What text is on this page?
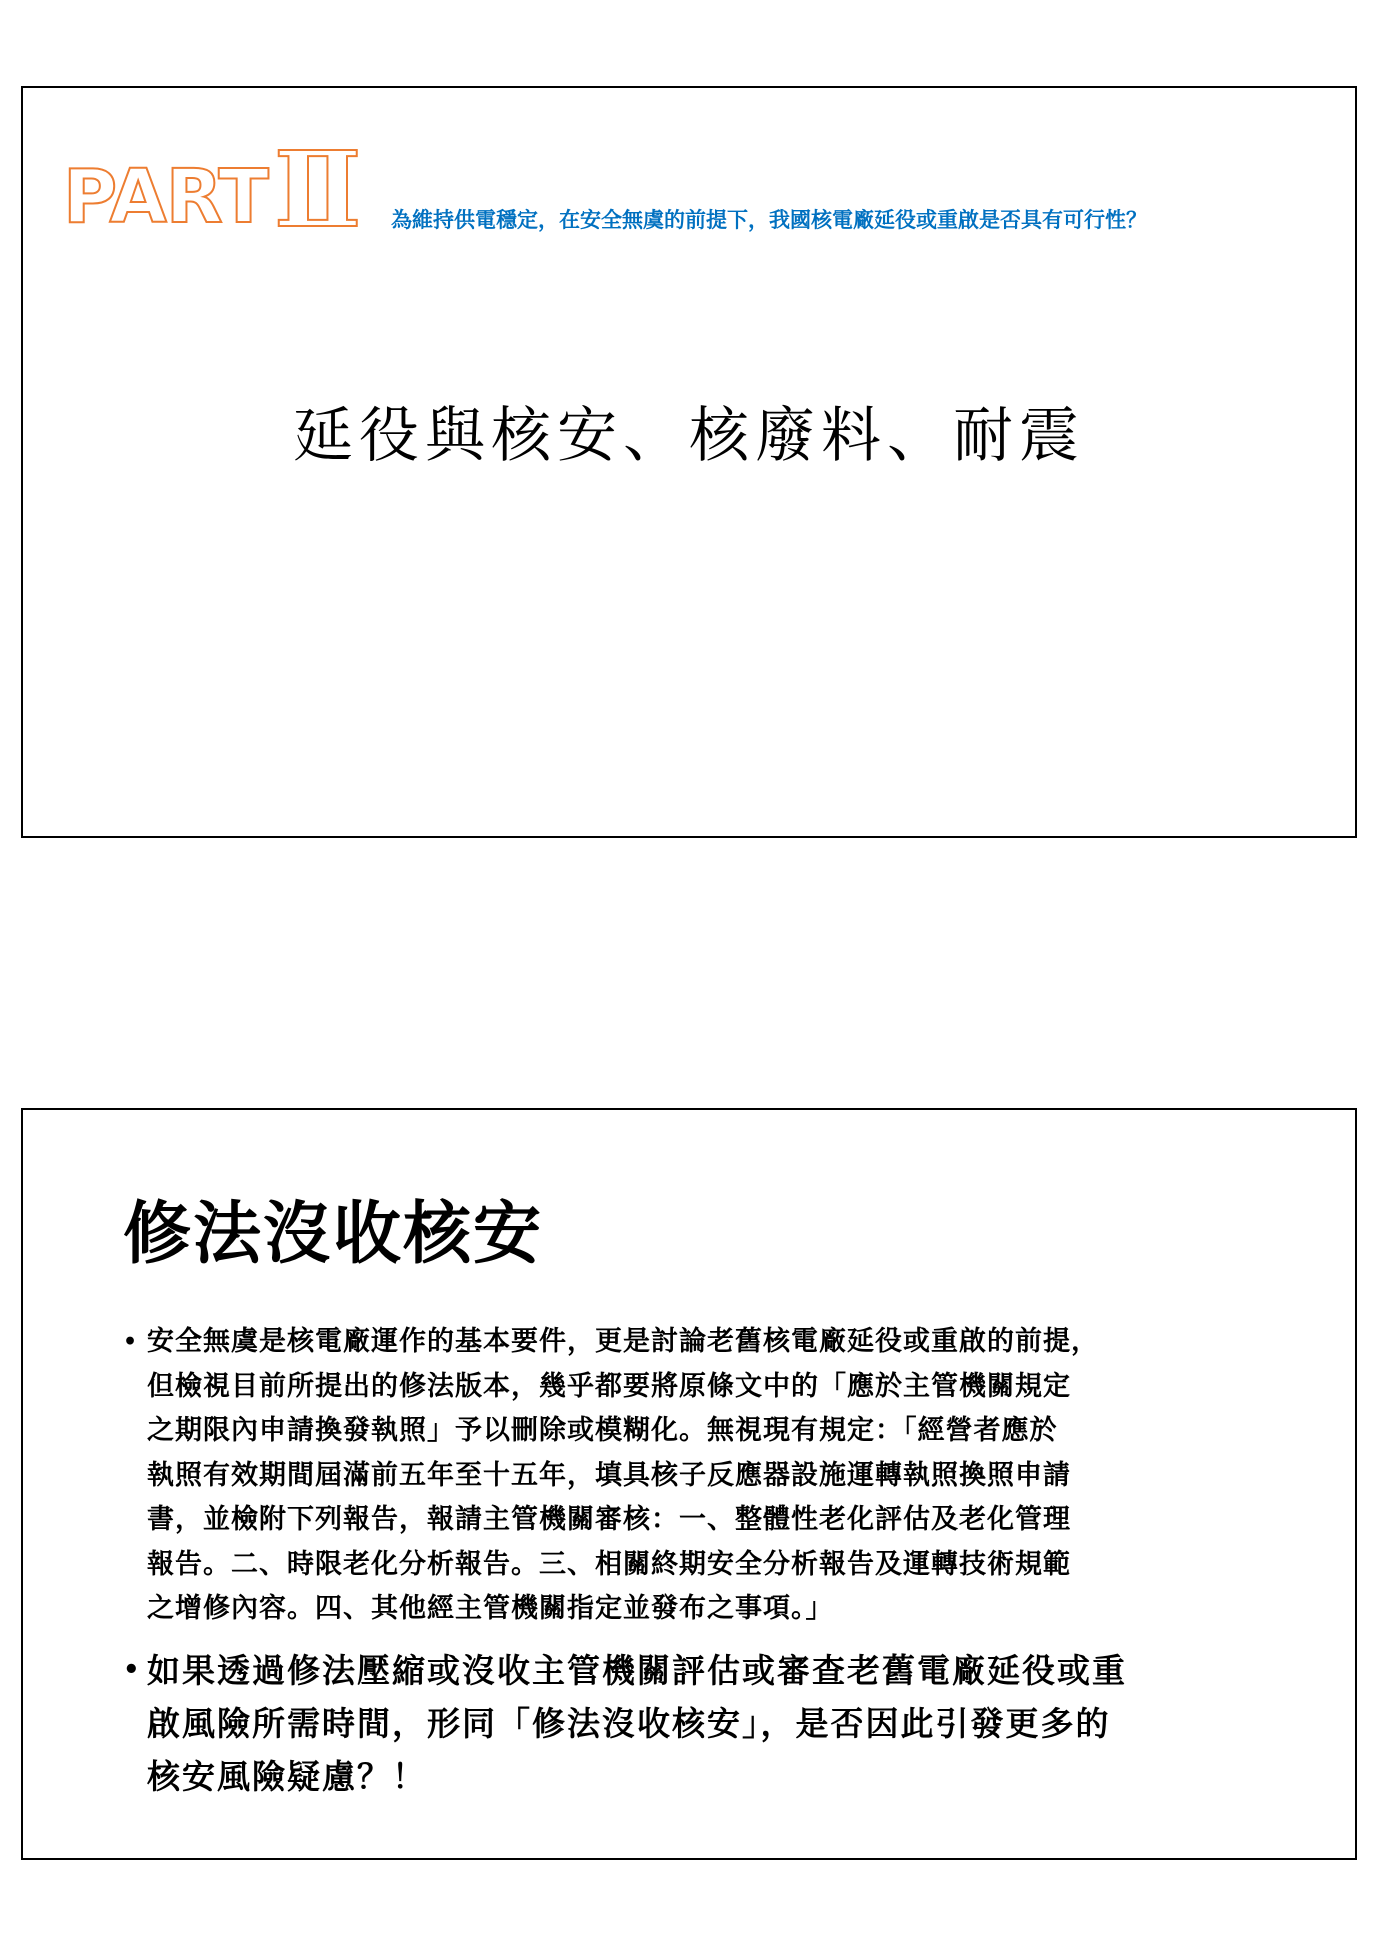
PART Ⅱ 為維持供電穩定，在安全無虞的前提下，我國核電廠延役或重啟是否具有可行性？
延役與核安、核廢料、耐震
修法沒收核安
• 安全無虞是核電廠運作的基本要件，更是討論老舊核電廠延役或重啟的前提，
但檢視目前所提出的修法版本，幾乎都要將原條文中的「應於主管機關規定
之期限內申請換發執照」予以刪除或模糊化。無視現有規定：「經營者應於
執照有效期間屆滿前五年至十五年，填具核子反應器設施運轉執照換照申請
書，並檢附下列報告，報請主管機關審核：一、整體性老化評估及老化管理
報告。二、時限老化分析報告。三、相關終期安全分析報告及運轉技術規範
之增修內容。四、其他經主管機關指定並發布之事項。」
• 如果透過修法壓縮或沒收主管機關評估或審查老舊電廠延役或重
啟風險所需時間，形同「修法沒收核安」，是否因此引發更多的
核安風險疑慮？！
